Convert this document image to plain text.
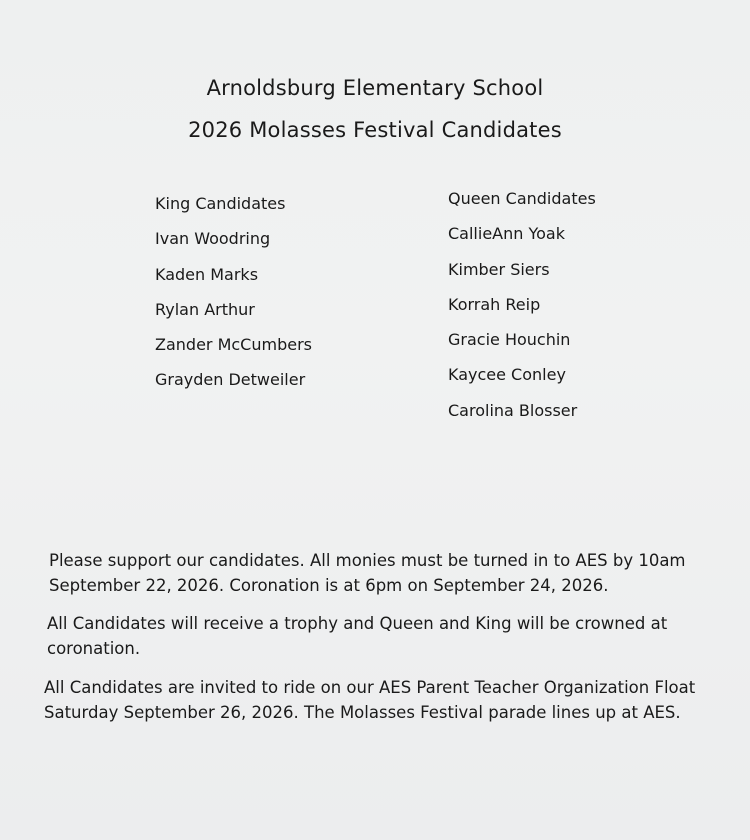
Arnoldsburg Elementary School
2026 Molasses Festival Candidates
King Candidates
Ivan Woodring
Kaden Marks
Rylan Arthur
Zander McCumbers
Grayden Detweiler
Queen Candidates
CallieAnn Yoak
Kimber Siers
Korrah Reip
Gracie Houchin
Kaycee Conley
Carolina Blosser
Please support our candidates. All monies must be turned in to AES by 10am
September 22, 2026. Coronation is at 6pm on September 24, 2026.
All Candidates will receive a trophy and Queen and King will be crowned at
coronation.
All Candidates are invited to ride on our AES Parent Teacher Organization Float
Saturday September 26, 2026. The Molasses Festival parade lines up at AES.
